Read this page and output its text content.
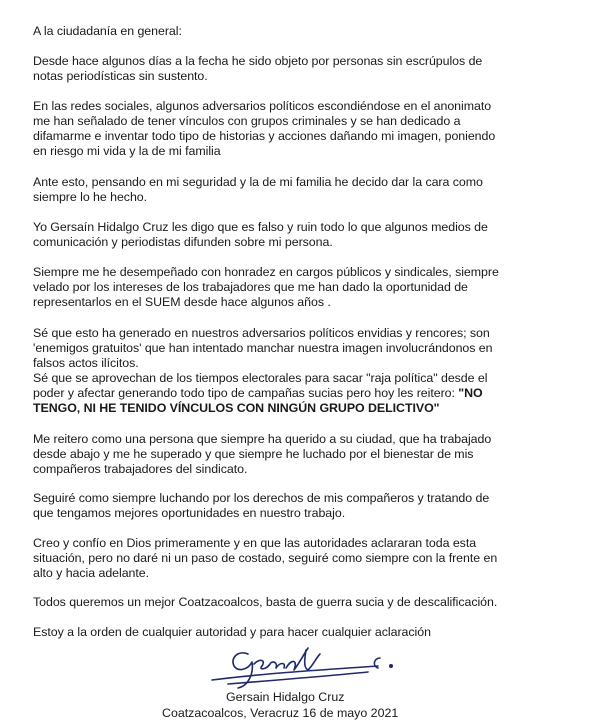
A la ciudadanía en general:

Desde hace algunos días a la fecha he sido objeto por personas sin escrúpulos de
notas periodísticas sin sustento.

En las redes sociales, algunos adversarios políticos escondiéndose en el anonimato
me han señalado de tener vínculos con grupos criminales y se han dedicado a
difamarme e inventar todo tipo de historias y acciones dañando mi imagen, poniendo
en riesgo mi vida y la de mi familia

Ante esto, pensando en mi seguridad y la de mi familia he decido dar la cara como
siempre lo he hecho.

Yo Gersaín Hidalgo Cruz les digo que es falso y ruin todo lo que algunos medios de
comunicación y periodistas difunden sobre mi persona.

Siempre me he desempeñado con honradez en cargos públicos y sindicales, siempre
velado por los intereses de los trabajadores que me han dado la oportunidad de
representarlos en el SUEM desde hace algunos años .

Sé que esto ha generado en nuestros adversarios políticos envidias y rencores; son
'enemigos gratuitos' que han intentado manchar nuestra imagen involucrándonos en
falsos actos ilícitos.

Sé que se aprovechan de los tiempos electorales para sacar "raja política" desde el
poder y afectar generando todo tipo de campañas sucias pero hoy les reitero: "NO
TENGO, NI HE TENIDO VÍNCULOS CON NINGÚN GRUPO DELICTIVO"

Me reitero como una persona que siempre ha querido a su ciudad, que ha trabajado
desde abajo y me he superado y que siempre he luchado por el bienestar de mis
compañeros trabajadores del sindicato.

Seguiré como siempre luchando por los derechos de mis compañeros y tratando de
que tengamos mejores oportunidades en nuestro trabajo.

Creo y confío en Dios primeramente y en que las autoridades aclararan toda esta
situación, pero no daré ni un paso de costado, seguiré como siempre con la frente en
alto y hacia adelante.

Todos queremos un mejor Coatzacoalcos, basta de guerra sucia y de descalificación.

Estoy a la orden de cualquier autoridad y para hacer cualquier aclaración

Gersain Hidalgo Cruz
Coatzacoalcos, Veracruz 16 de mayo 2021
